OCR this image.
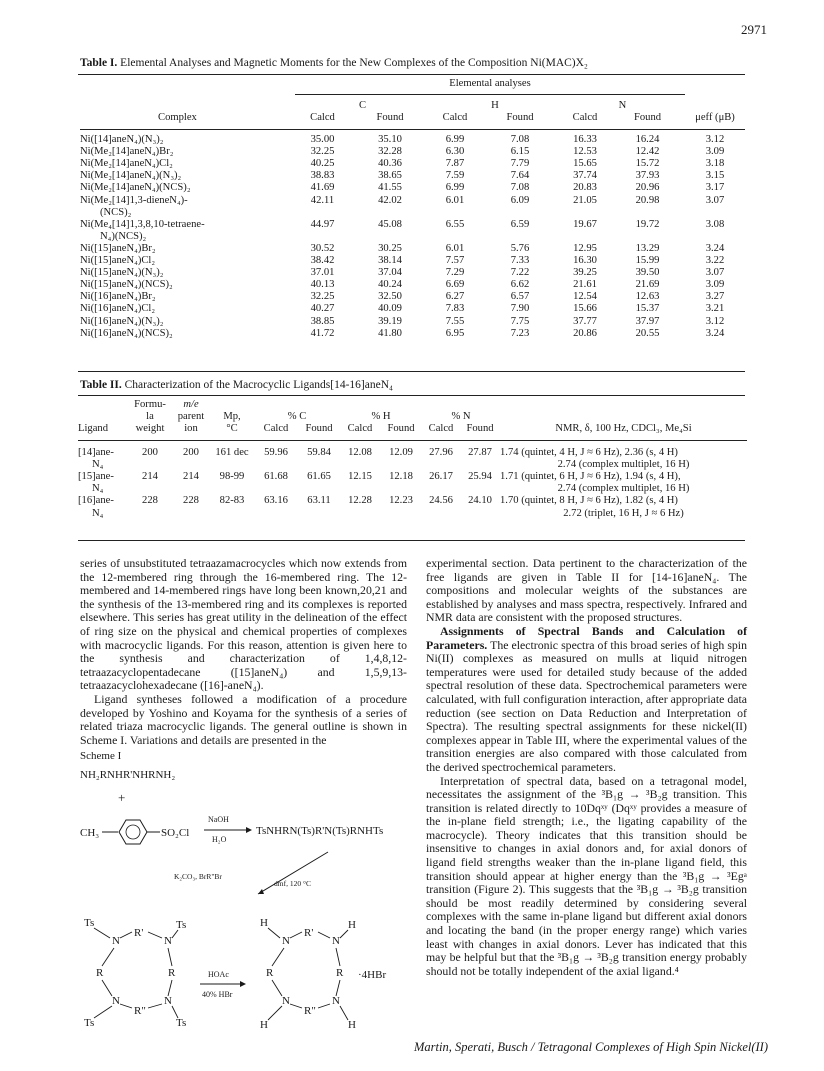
2971
Table I. Elemental Analyses and Magnetic Moments for the New Complexes of the Composition Ni(MAC)X₂
	Elemental analyses						
	C		H		N		
Complex	Calcd	Found	Calcd	Found	Calcd	Found	μeff (μB)
Ni([14]aneN₄)(N₃)₂	35.00	35.10	6.99	7.08	16.33	16.24	3.12
Ni(Me₂[14]aneN₄)Br₂	32.25	32.28	6.30	6.15	12.53	12.42	3.09
Ni(Me₂[14]aneN₄)Cl₂	40.25	40.36	7.87	7.79	15.65	15.72	3.18
Ni(Me₂[14]aneN₄)(N₃)₂	38.83	38.65	7.59	7.64	37.74	37.93	3.15
Ni(Me₂[14]aneN₄)(NCS)₂	41.69	41.55	6.99	7.08	20.83	20.96	3.17
Ni(Me₂[14]1,3-dieneN₄)-	42.11	42.02	6.01	6.09	21.05	20.98	3.07
(NCS)₂							
Ni(Me₄[14]1,3,8,10-tetraene-	44.97	45.08	6.55	6.59	19.67	19.72	3.08
N₄)(NCS)₂							
Ni([15]aneN₄)Br₂	30.52	30.25	6.01	5.76	12.95	13.29	3.24
Ni([15]aneN₄)Cl₂	38.42	38.14	7.57	7.33	16.30	15.99	3.22
Ni([15]aneN₄)(N₃)₂	37.01	37.04	7.29	7.22	39.25	39.50	3.07
Ni([15]aneN₄)(NCS)₂	40.13	40.24	6.69	6.62	21.61	21.69	3.09
Ni([16]aneN₄)Br₂	32.25	32.50	6.27	6.57	12.54	12.63	3.27
Ni([16]aneN₄)Cl₂	40.27	40.09	7.83	7.90	15.66	15.37	3.21
Ni([16]aneN₄)(N₃)₂	38.85	39.19	7.55	7.75	37.77	37.97	3.12
Ni([16]aneN₄)(NCS)₂	41.72	41.80	6.95	7.23	20.86	20.55	3.24
Table II. Characterization of the Macrocyclic Ligands[14-16]aneN₄
	Formu-	m/e								
	la	parent	Mp,	% C		% H		% N		
Ligand	weight	ion	°C	Calcd	Found	Calcd	Found	Calcd	Found	NMR, δ, 100 Hz, CDCl₃, Me₄Si
[14]ane-	200	200	161 dec	59.96	59.84	12.08	12.09	27.96	27.87	1.74 (quintet, 4 H, J ≈ 6 Hz), 2.36 (s, 4 H)
N₄										2.74 (complex multiplet, 16 H)
[15]ane-	214	214	98-99	61.68	61.65	12.15	12.18	26.17	25.94	1.71 (quintet, 6 H, J ≈ 6 Hz), 1.94 (s, 4 H),
N₄										2.74 (complex multiplet, 16 H)
[16]ane-	228	228	82-83	63.16	63.11	12.28	12.23	24.56	24.10	1.70 (quintet, 8 H, J ≈ 6 Hz), 1.82 (s, 4 H)
N₄										2.72 (triplet, 16 H, J ≈ 6 Hz)

series of unsubstituted tetraazamacrocycles which now extends from the 12-membered ring through the 16-membered ring. The 12-membered and 14-membered rings have long been known,20,21 and the synthesis of the 13-membered ring and its complexes is reported elsewhere. This series has great utility in the delineation of the effect of ring size on the physical and chemical properties of complexes with macrocyclic ligands. For this reason, attention is given here to the synthesis and characterization of 1,4,8,12-tetraazacyclopentadecane ([15]aneN₄) and 1,5,9,13-tetraazacyclohexadecane ([16]-aneN₄).

Ligand syntheses followed a modification of a procedure developed by Yoshino and Koyama for the synthesis of a series of related triaza macrocyclic ligands. The general outline is shown in Scheme I. Variations and details are presented in the

Scheme I
NH₂RNHR'NHRNH₂
+
CH₃	SO₂Cl
NaOH
H₂O
TsNHRN(Ts)R'N(Ts)RNHTs
K₂CO₃, BrR"Br
dmf, 120 °C
Ts
N
R'
N
Ts
R	R
N
R"
N
Ts	Ts
HOAc
40% HBr
H
N
R'
N
H
R	R ·4HBr
N
R"
N
H	H

experimental section. Data pertinent to the characterization of the free ligands are given in Table II for [14-16]aneN₄. The compositions and molecular weights of the substances are established by analyses and mass spectra, respectively. Infrared and NMR data are consistent with the proposed structures.

Assignments of Spectral Bands and Calculation of Parameters. The electronic spectra of this broad series of high spin Ni(II) complexes as measured on mulls at liquid nitrogen temperatures were used for detailed study because of the added spectral resolution of these data. Spectrochemical parameters were calculated, with full configuration interaction, after appropriate data reduction (see section on Data Reduction and Interpretation of Spectra). The resulting spectral assignments for these nickel(II) complexes appear in Table III, where the experimental values of the transition energies are also compared with those calculated from the derived spectrochemical parameters.

Interpretation of spectral data, based on a tetragonal model, necessitates the assignment of the ³B₁g → ³B₂g transition. This transition is related directly to 10Dqˣʸ (Dqˣʸ provides a measure of the in-plane field strength; i.e., the ligating capability of the macrocycle). Theory indicates that this transition should be insensitive to changes in axial donors and, for axial donors of ligand field strengths weaker than the in-plane ligand field, this transition should appear at higher energy than the ³B₁g → ³Egᵃ transition (Figure 2). This suggests that the ³B₁g → ³B₂g transition should be most readily determined by considering several complexes with the same in-plane ligand but different axial donors and locating the band (in the proper energy range) which varies least with changes in axial donors. Lever has indicated that this may be helpful but that the ³B₁g → ³B₂g transition energy probably should not be totally independent of the axial ligand.⁴

Martin, Sperati, Busch / Tetragonal Complexes of High Spin Nickel(II)
